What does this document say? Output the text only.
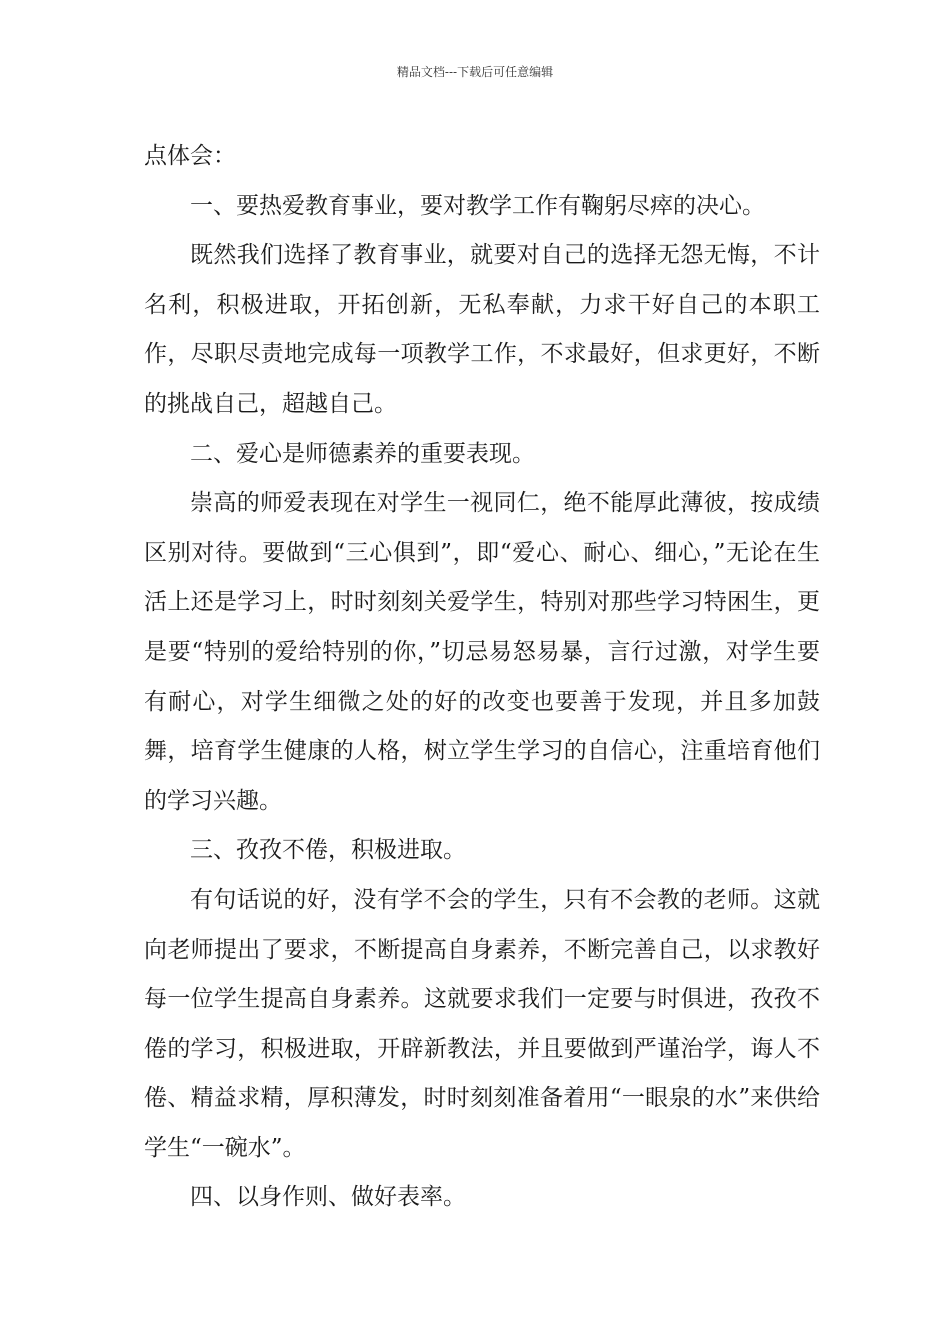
精品文档---下载后可任意编辑

点体会：

一、要热爱教育事业，要对教学工作有鞠躬尽瘁的决心。

既然我们选择了教育事业，就要对自己的选择无怨无悔，不计名利，积极进取，开拓创新，无私奉献，力求干好自己的本职工作，尽职尽责地完成每一项教学工作，不求最好，但求更好，不断的挑战自己，超越自己。

二、爱心是师德素养的重要表现。

崇高的师爱表现在对学生一视同仁，绝不能厚此薄彼，按成绩区别对待。要做到“三心俱到”，即“爱心、耐心、细心，”无论在生活上还是学习上，时时刻刻关爱学生，特别对那些学习特困生，更是要“特别的爱给特别的你，”切忌易怒易暴，言行过激，对学生要有耐心，对学生细微之处的好的改变也要善于发现，并且多加鼓舞，培育学生健康的人格，树立学生学习的自信心，注重培育他们的学习兴趣。

三、孜孜不倦，积极进取。

有句话说的好，没有学不会的学生，只有不会教的老师。这就向老师提出了要求，不断提高自身素养，不断完善自己，以求教好每一位学生提高自身素养。这就要求我们一定要与时俱进，孜孜不倦的学习，积极进取，开辟新教法，并且要做到严谨治学，诲人不倦、精益求精，厚积薄发，时时刻刻准备着用“一眼泉的水”来供给学生“一碗水”。

四、以身作则、做好表率。
